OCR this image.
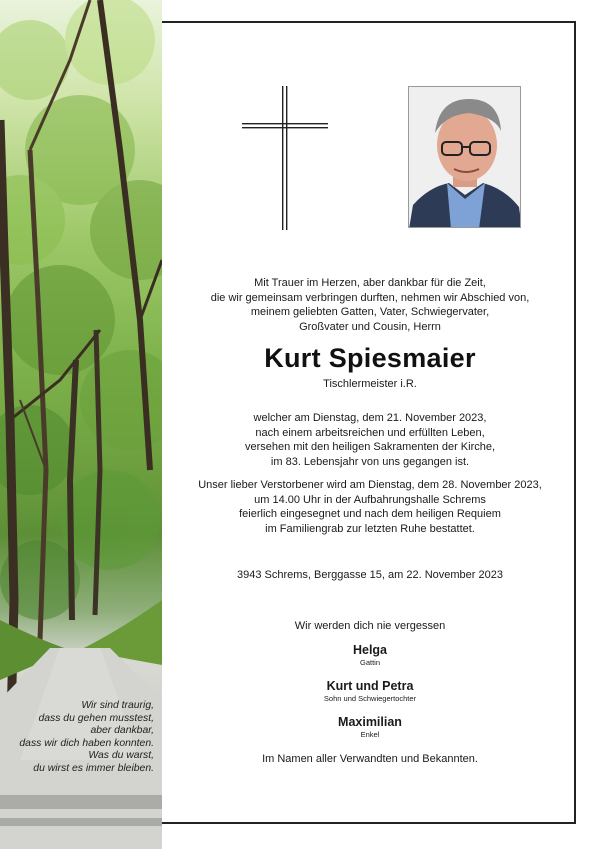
Wir sind traurig,
dass du gehen musstest,
aber dankbar,
dass wir dich haben konnten.
Was du warst,
du wirst es immer bleiben.
Mit Trauer im Herzen, aber dankbar für die Zeit,
die wir gemeinsam verbringen durften, nehmen wir Abschied von,
meinem geliebten Gatten, Vater, Schwiegervater,
Großvater und Cousin, Herrn
Kurt Spiesmaier
Tischlermeister i.R.
welcher am Dienstag, dem 21. November 2023,
nach einem arbeitsreichen und erfüllten Leben,
versehen mit den heiligen Sakramenten der Kirche,
im 83. Lebensjahr von uns gegangen ist.
Unser lieber Verstorbener wird am Dienstag, dem 28. November 2023,
um 14.00 Uhr in der Aufbahrungshalle Schrems
feierlich eingesegnet und nach dem heiligen Requiem
im Familiengrab zur letzten Ruhe bestattet.
3943 Schrems, Berggasse 15, am 22. November 2023
Wir werden dich nie vergessen
Helga
Gattin
Kurt und Petra
Sohn und Schwiegertochter
Maximilian
Enkel
Im Namen aller Verwandten und Bekannten.
